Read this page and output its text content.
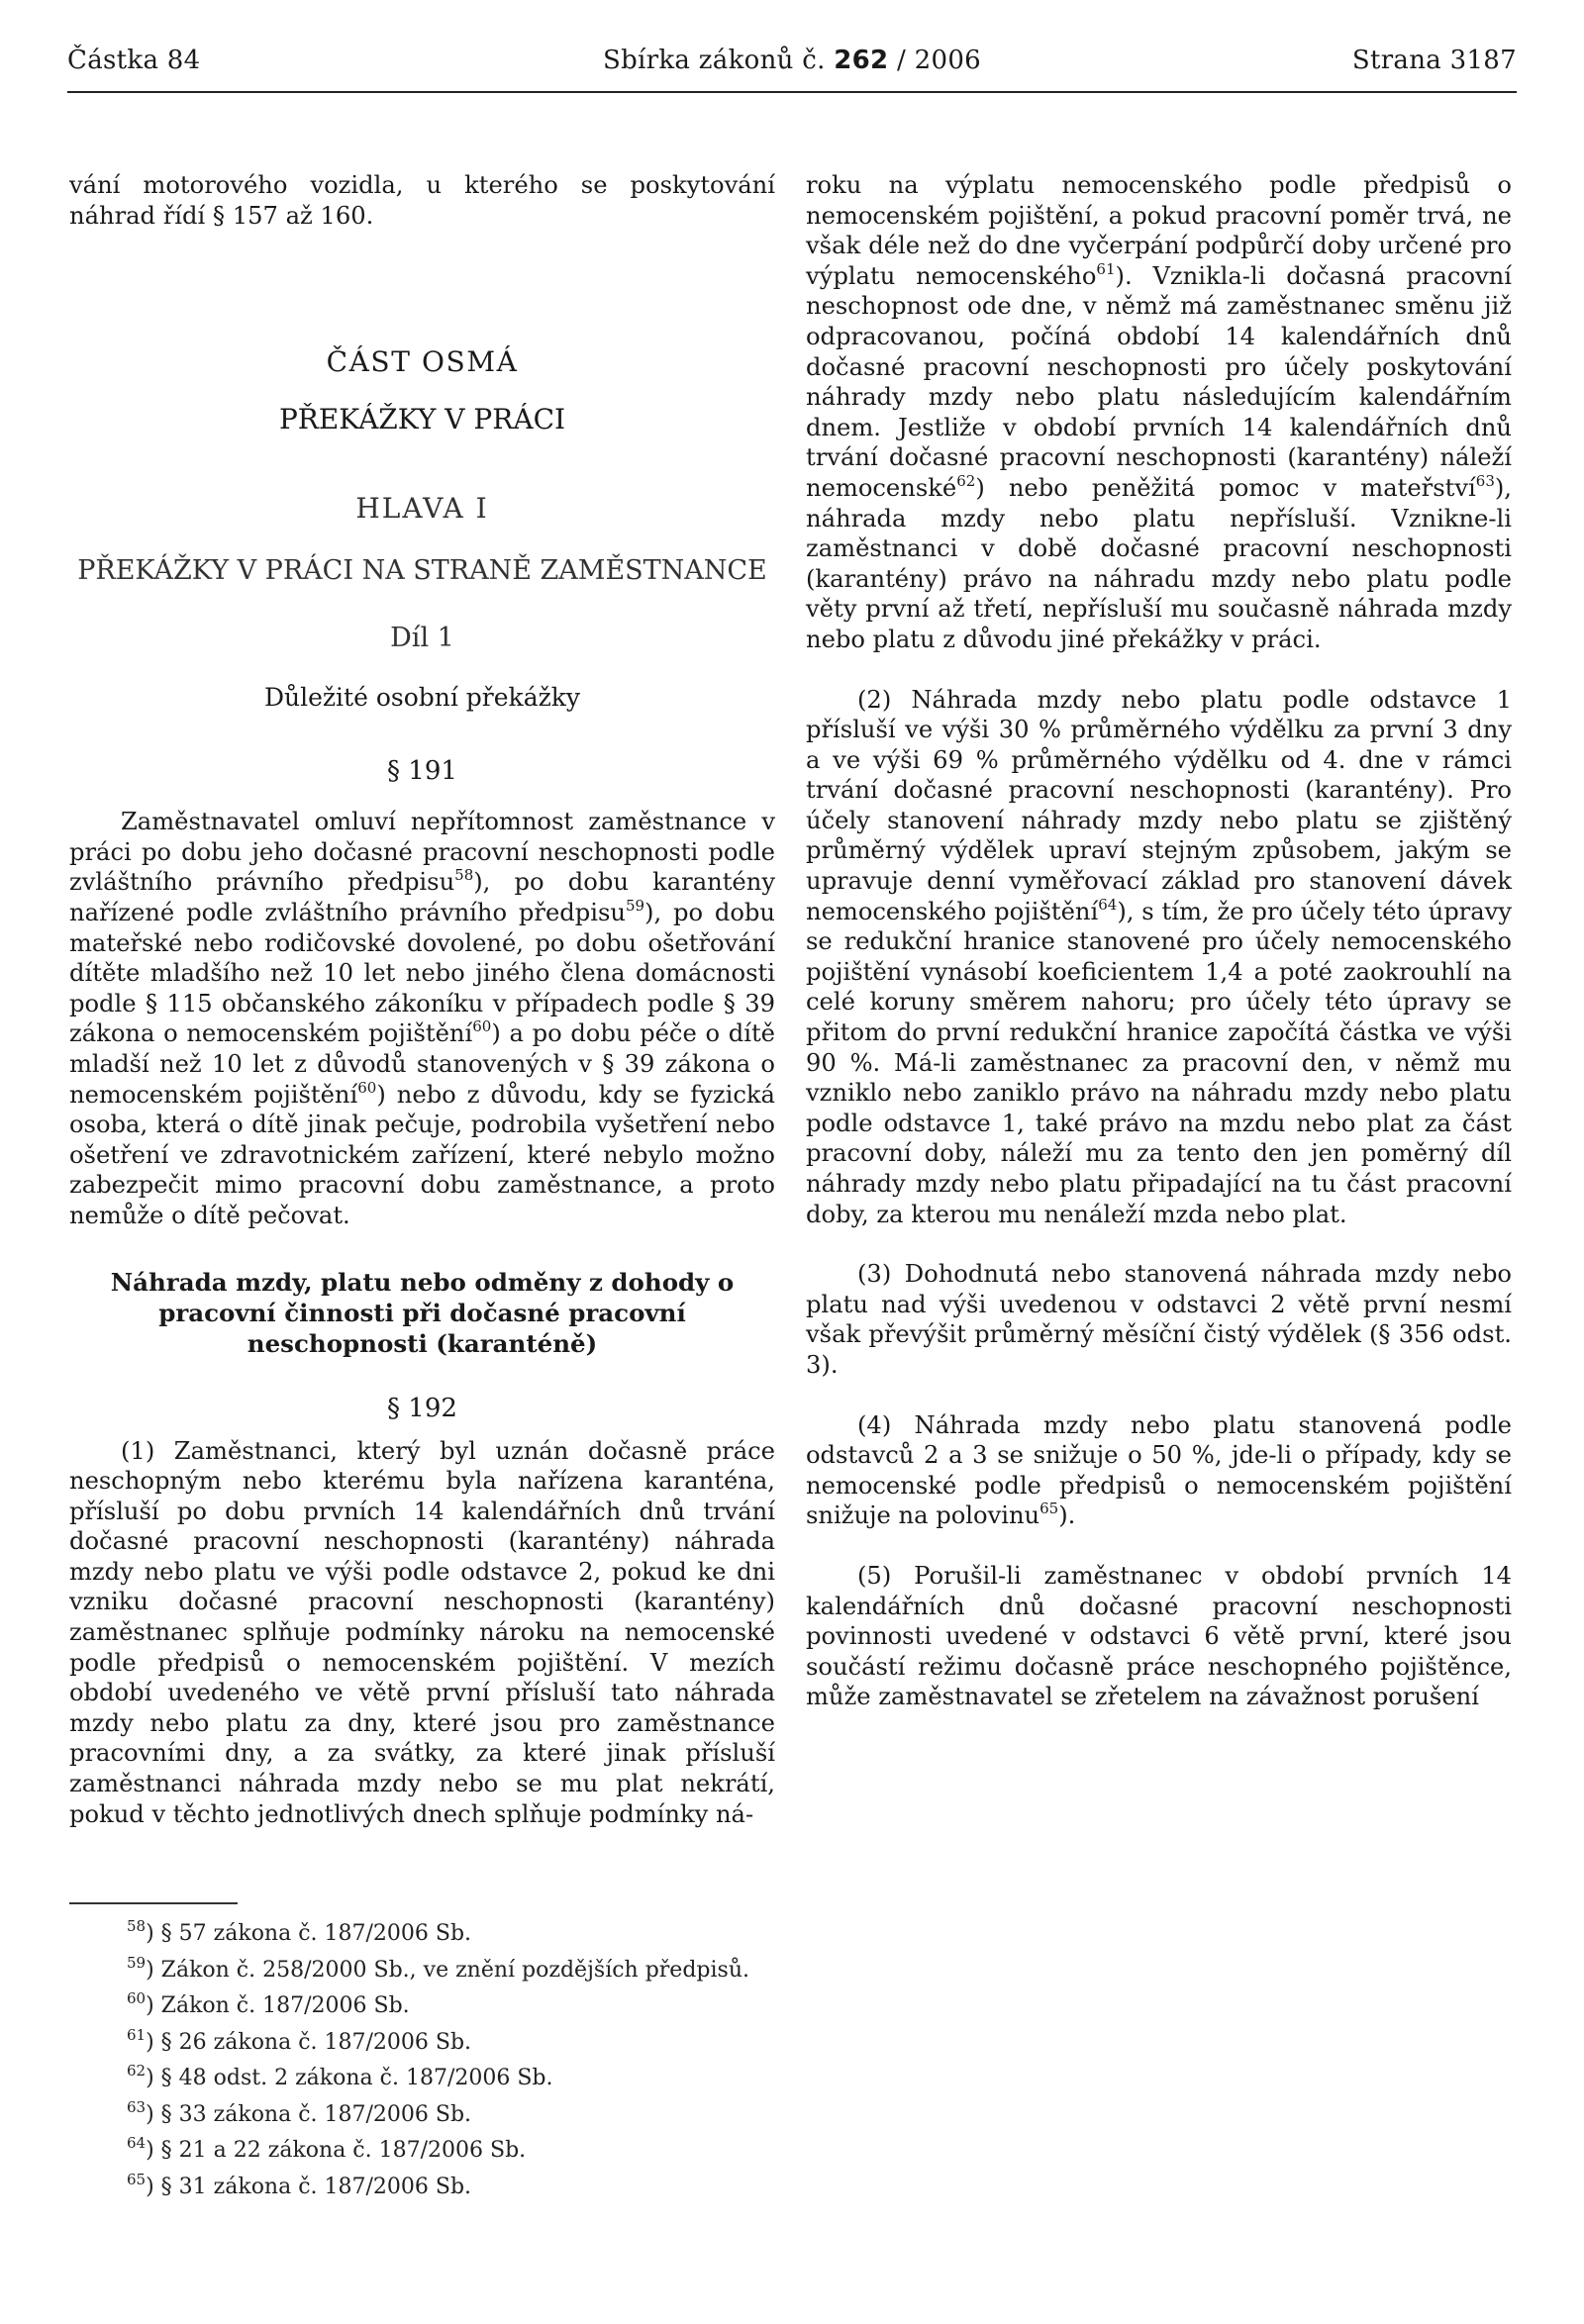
Částka 84	Sbírka zákonů č. 262 / 2006	Strana 3187

vání motorového vozidla, u kterého se poskytování náhrad řídí § 157 až 160.

ČÁST OSMÁ
PŘEKÁŽKY V PRÁCI
HLAVA I
PŘEKÁŽKY V PRÁCI NA STRANĚ ZAMĚSTNANCE
Díl 1
Důležité osobní překážky
§ 191

Zaměstnavatel omluví nepřítomnost zaměstnance v práci po dobu jeho dočasné pracovní neschopnosti podle zvláštního právního předpisu$^{58}$), po dobu karantény nařízené podle zvláštního právního předpisu$^{59}$), po dobu mateřské nebo rodičovské dovolené, po dobu ošetřování dítěte mladšího než 10 let nebo jiného člena domácnosti podle § 115 občanského zákoníku v případech podle § 39 zákona o nemocenském pojištění$^{60}$) a po dobu péče o dítě mladší než 10 let z důvodů stanovených v § 39 zákona o nemocenském pojištění$^{60}$) nebo z důvodu, kdy se fyzická osoba, která o dítě jinak pečuje, podrobila vyšetření nebo ošetření ve zdravotnickém zařízení, které nebylo možno zabezpečit mimo pracovní dobu zaměstnance, a proto nemůže o dítě pečovat.

Náhrada mzdy, platu nebo odměny z dohody o pracovní činnosti při dočasné pracovní neschopnosti (karanténě)
§ 192

(1) Zaměstnanci, který byl uznán dočasně práce neschopným nebo kterému byla nařízena karanténa, přísluší po dobu prvních 14 kalendářních dnů trvání dočasné pracovní neschopnosti (karantény) náhrada mzdy nebo platu ve výši podle odstavce 2, pokud ke dni vzniku dočasné pracovní neschopnosti (karantény) zaměstnanec splňuje podmínky nároku na nemocenské podle předpisů o nemocenském pojištění. V mezích období uvedeného ve větě první přísluší tato náhrada mzdy nebo platu za dny, které jsou pro zaměstnance pracovními dny, a za svátky, za které jinak přísluší zaměstnanci náhrada mzdy nebo se mu plat nekrátí, pokud v těchto jednotlivých dnech splňuje podmínky ná-

roku na výplatu nemocenského podle předpisů o nemocenském pojištění, a pokud pracovní poměr trvá, ne však déle než do dne vyčerpání podpůrčí doby určené pro výplatu nemocenského$^{61}$). Vznikla-li dočasná pracovní neschopnost ode dne, v němž má zaměstnanec směnu již odpracovanou, počíná období 14 kalendářních dnů dočasné pracovní neschopnosti pro účely poskytování náhrady mzdy nebo platu následujícím kalendářním dnem. Jestliže v období prvních 14 kalendářních dnů trvání dočasné pracovní neschopnosti (karantény) náleží nemocenské$^{62}$) nebo peněžitá pomoc v mateřství$^{63}$), náhrada mzdy nebo platu nepřísluší. Vznikne-li zaměstnanci v době dočasné pracovní neschopnosti (karantény) právo na náhradu mzdy nebo platu podle věty první až třetí, nepřísluší mu současně náhrada mzdy nebo platu z důvodu jiné překážky v práci.

(2) Náhrada mzdy nebo platu podle odstavce 1 přísluší ve výši 30 % průměrného výdělku za první 3 dny a ve výši 69 % průměrného výdělku od 4. dne v rámci trvání dočasné pracovní neschopnosti (karantény). Pro účely stanovení náhrady mzdy nebo platu se zjištěný průměrný výdělek upraví stejným způsobem, jakým se upravuje denní vyměřovací základ pro stanovení dávek nemocenského pojištění$^{64}$), s tím, že pro účely této úpravy se redukční hranice stanovené pro účely nemocenského pojištění vynásobí koeficientem 1,4 a poté zaokrouhlí na celé koruny směrem nahoru; pro účely této úpravy se přitom do první redukční hranice započítá částka ve výši 90 %. Má-li zaměstnanec za pracovní den, v němž mu vzniklo nebo zaniklo právo na náhradu mzdy nebo platu podle odstavce 1, také právo na mzdu nebo plat za část pracovní doby, náleží mu za tento den jen poměrný díl náhrady mzdy nebo platu připadající na tu část pracovní doby, za kterou mu nenáleží mzda nebo plat.

(3) Dohodnutá nebo stanovená náhrada mzdy nebo platu nad výši uvedenou v odstavci 2 větě první nesmí však převýšit průměrný měsíční čistý výdělek (§ 356 odst. 3).

(4) Náhrada mzdy nebo platu stanovená podle odstavců 2 a 3 se snižuje o 50 %, jde-li o případy, kdy se nemocenské podle předpisů o nemocenském pojištění snižuje na polovinu$^{65}$).

(5) Porušil-li zaměstnanec v období prvních 14 kalendářních dnů dočasné pracovní neschopnosti povinnosti uvedené v odstavci 6 větě první, které jsou součástí režimu dočasně práce neschopného pojištěnce, může zaměstnavatel se zřetelem na závažnost porušení

$^{58}$) § 57 zákona č. 187/2006 Sb.
$^{59}$) Zákon č. 258/2000 Sb., ve znění pozdějších předpisů.
$^{60}$) Zákon č. 187/2006 Sb.
$^{61}$) § 26 zákona č. 187/2006 Sb.
$^{62}$) § 48 odst. 2 zákona č. 187/2006 Sb.
$^{63}$) § 33 zákona č. 187/2006 Sb.
$^{64}$) § 21 a 22 zákona č. 187/2006 Sb.
$^{65}$) § 31 zákona č. 187/2006 Sb.
